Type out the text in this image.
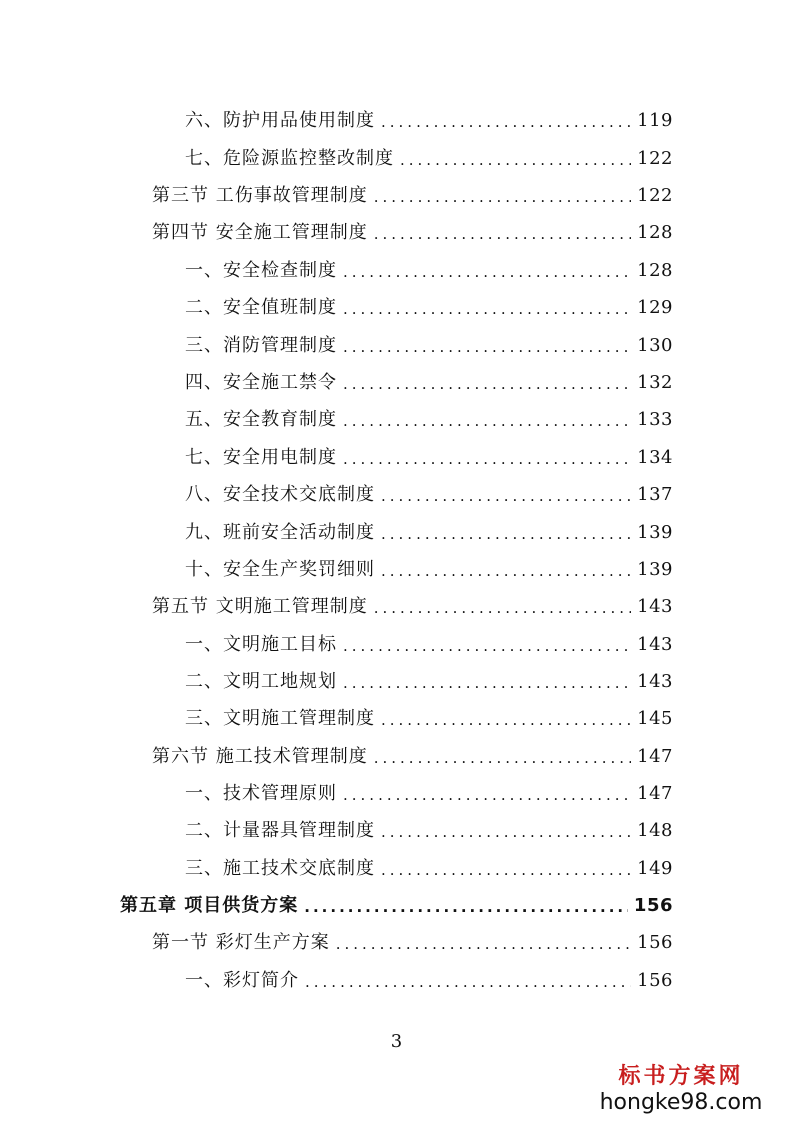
六、防护用品使用制度 .....	119
七、危险源监控整改制度 .....	122
第三节 工伤事故管理制度 .....	122
第四节 安全施工管理制度 .....	128
一、安全检查制度 .....	128
二、安全值班制度 .....	129
三、消防管理制度 .....	130
四、安全施工禁令 .....	132
五、安全教育制度 .....	133
七、安全用电制度 .....	134
八、安全技术交底制度 .....	137
九、班前安全活动制度 .....	139
十、安全生产奖罚细则 .....	139
第五节 文明施工管理制度 .....	143
一、文明施工目标 .....	143
二、文明工地规划 .....	143
三、文明施工管理制度 .....	145
第六节 施工技术管理制度 .....	147
一、技术管理原则 .....	147
二、计量器具管理制度 .....	148
三、施工技术交底制度 .....	149
第五章 项目供货方案 .....	156
第一节 彩灯生产方案 .....	156
一、彩灯简介 .....	156
3
标书方案网
hongke98.com
